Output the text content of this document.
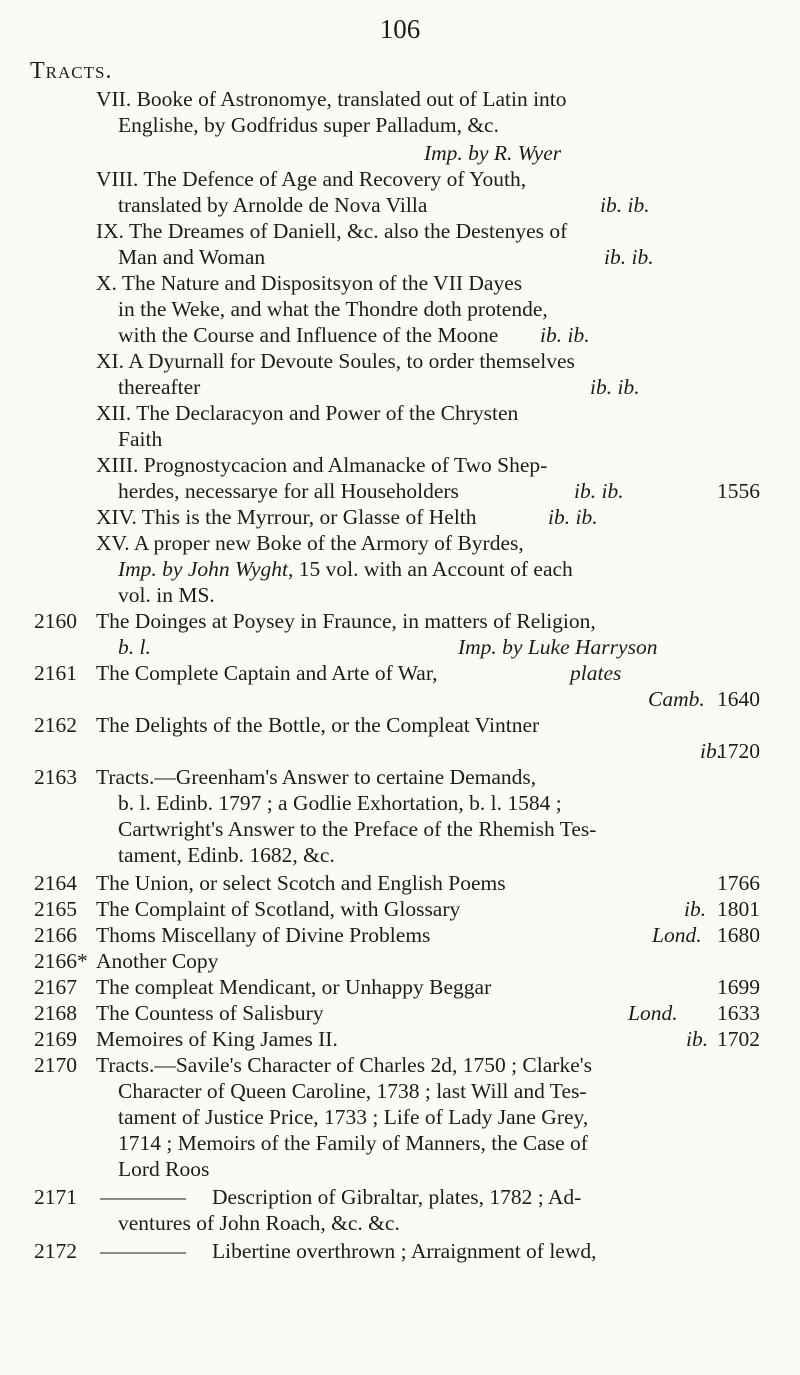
106
Tracts.
VII. Booke of Astronomye, translated out of Latin into
Englishe, by Godfridus super Palladum, &c.
Imp. by R. Wyer
VIII. The Defence of Age and Recovery of Youth,
translated by Arnolde de Nova Villa
IX. The Dreames of Daniell, &c. also the Destenyes of
Man and Woman
X. The Nature and Dispositsyon of the VII Dayes
in the Weke, and what the Thondre doth protende,
with the Course and Influence of the Moone
XI. A Dyurnall for Devoute Soules, to order themselves
thereafter
XII. The Declaracyon and Power of the Chrysten
Faith
XIII. Prognostycacion and Almanacke of Two Shep-
herdes, necessarye for all Householders
XIV. This is the Myrrour, or Glasse of Helth
XV. A proper new Boke of the Armory of Byrdes,
Imp. by John Wyght, 15 vol. with an Account of each
vol. in MS.
The Doinges at Poysey in Fraunce, in matters of Religion,
The Complete Captain and Arte of War,
The Delights of the Bottle, or the Compleat Vintner
Tracts.—Greenham's Answer to certaine Demands,
b. l. Edinb. 1797 ; a Godlie Exhortation, b. l. 1584 ;
Cartwright's Answer to the Preface of the Rhemish Tes-
tament, Edinb. 1682, &c.
The Union, or select Scotch and English Poems
The Complaint of Scotland, with Glossary
Thoms Miscellany of Divine Problems
Another Copy
The compleat Mendicant, or Unhappy Beggar
The Countess of Salisbury
Memoires of King James II.
Tracts.—Savile's Character of Charles 2d, 1750 ; Clarke's
Character of Queen Caroline, 1738 ; last Will and Tes-
tament of Justice Price, 1733 ; Life of Lady Jane Grey,
1714 ; Memoirs of the Family of Manners, the Case of
Lord Roos
Description of Gibraltar, plates, 1782 ; Ad-
ventures of John Roach, &c. &c.
Libertine overthrown ; Arraignment of lewd,
2160
2161
2162
2163
2164
2165
2166
2166*
2167
2168
2169
2170
2171
2172
ib. ib.
ib. ib.
ib. ib.
ib. ib.
ib. ib.
ib. ib.
b. l.	Imp. by Luke Harryson
plates
Camb.
ib.
ib.
Lond.
Lond.
ib.
1556
1640
1720
1766
1801
1680
1699
1633
1702
————
————
